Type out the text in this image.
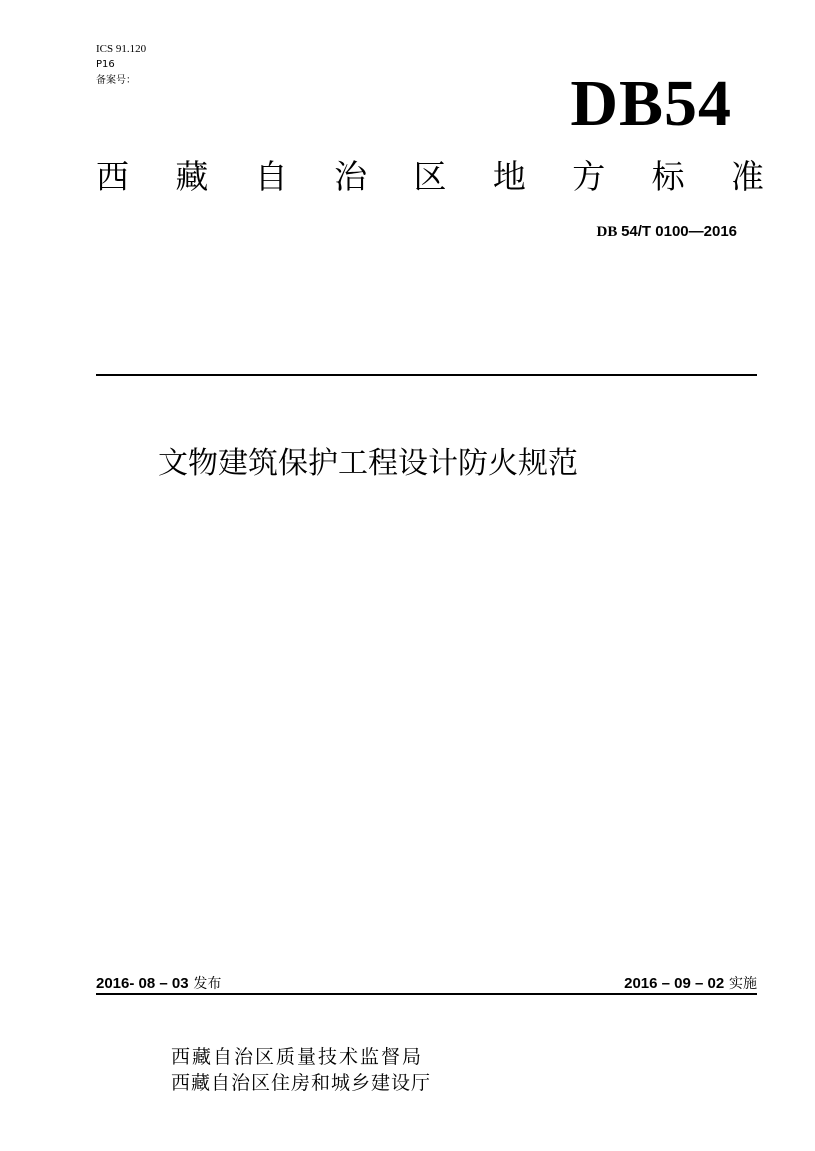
ICS 91.120
P16
备案号：	DB54
西 藏 自 治 区 地 方 标 准
DB 54/T 0100—2016
文物建筑保护工程设计防火规范
2016- 08 – 03 发布	2016 – 09 – 02 实施
西藏自治区质量技术监督局
西藏自治区住房和城乡建设厅
